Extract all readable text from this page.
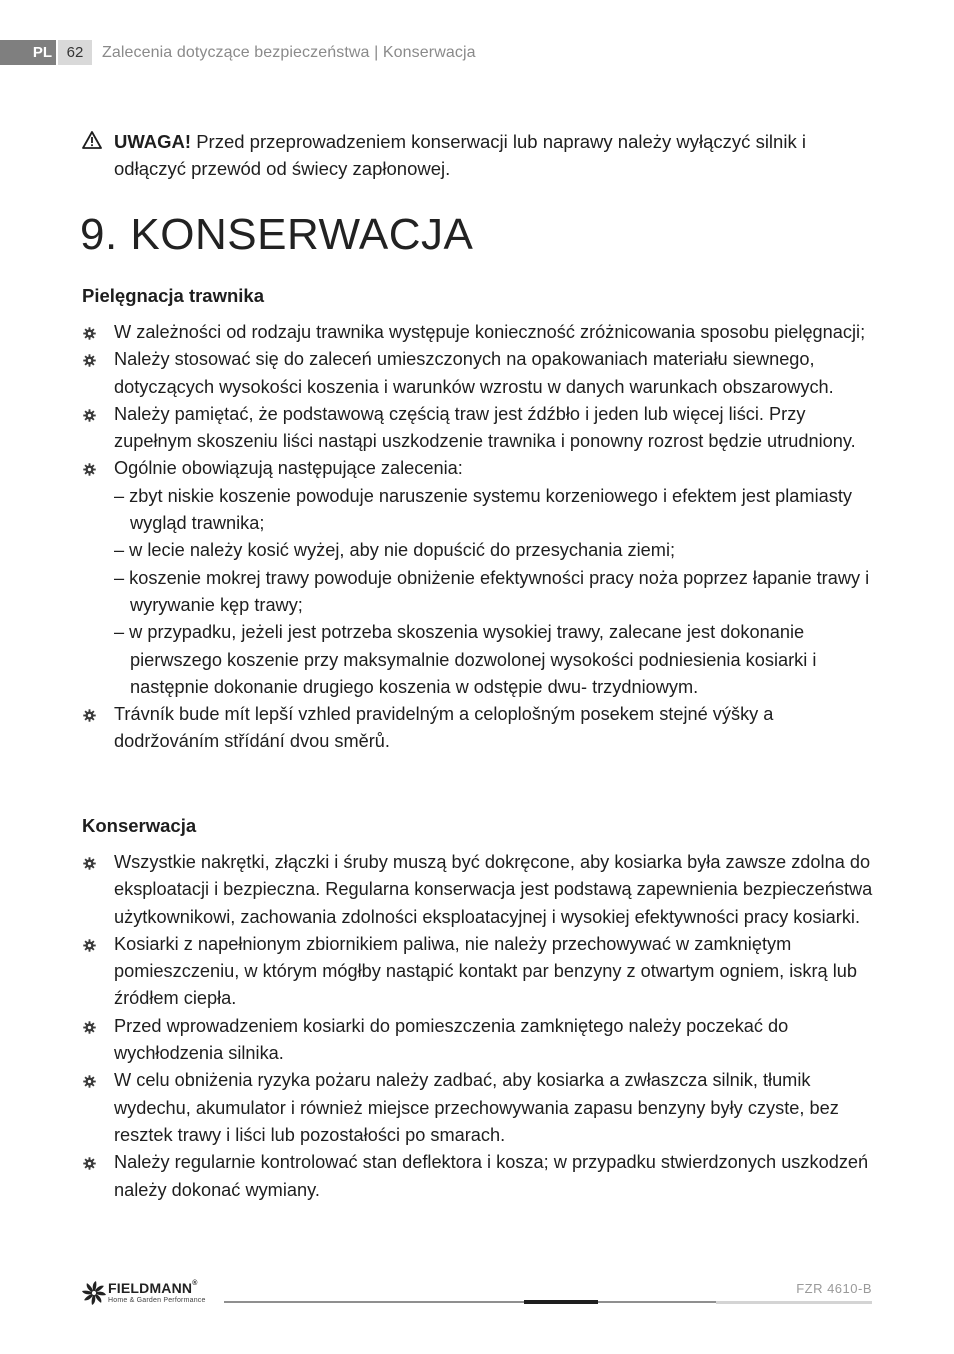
PL 62	Zalecenia dotyczące bezpieczeństwa | Konserwacja
UWAGA! Przed przeprowadzeniem konserwacji lub naprawy należy wyłączyć silnik i odłączyć przewód od świecy zapłonowej.
9. KONSERWACJA
Pielęgnacja trawnika
W zależności od rodzaju trawnika występuje konieczność zróżnicowania sposobu pielęgnacji;
Należy stosować się do zaleceń umieszczonych na opakowaniach materiału siewnego, dotyczących wysokości koszenia i warunków wzrostu w danych warunkach obszarowych.
Należy pamiętać, że podstawową częścią traw jest źdźbło i jeden lub więcej liści. Przy zupełnym skoszeniu liści nastąpi uszkodzenie trawnika i ponowny rozrost będzie utrudniony.
Ogólnie obowiązują następujące zalecenia:
– zbyt niskie koszenie powoduje naruszenie systemu korzeniowego i efektem jest plamiasty wygląd trawnika;
– w lecie należy kosić wyżej, aby nie dopuścić do przesychania ziemi;
– koszenie mokrej trawy powoduje obniżenie efektywności pracy noża poprzez łapanie trawy i wyrywanie kęp trawy;
– w przypadku, jeżeli jest potrzeba skoszenia wysokiej trawy, zalecane jest dokonanie pierwszego koszenie przy maksymalnie dozwolonej wysokości podniesienia kosiarki i następnie dokonanie drugiego koszenia w odstępie dwu- trzydniowym.
Trávník bude mít lepší vzhled pravidelným a celoplošným posekem stejné výšky a dodržováním střídání dvou směrů.
Konserwacja
Wszystkie nakrętki, złączki i śruby muszą być dokręcone, aby kosiarka była zawsze zdolna do eksploatacji i bezpieczna. Regularna konserwacja jest podstawą zapewnienia bezpieczeństwa użytkownikowi, zachowania zdolności eksploatacyjnej i wysokiej efektywności pracy kosiarki.
Kosiarki z napełnionym zbiornikiem paliwa, nie należy przechowywać w zamkniętym pomieszczeniu, w którym mógłby nastąpić kontakt par benzyny z otwartym ogniem, iskrą lub źródłem ciepła.
Przed wprowadzeniem kosiarki do pomieszczenia zamkniętego należy poczekać do wychłodzenia silnika.
W celu obniżenia ryzyka pożaru należy zadbać, aby kosiarka a zwłaszcza silnik, tłumik wydechu, akumulator i również miejsce przechowywania zapasu benzyny były czyste, bez resztek trawy i liści lub pozostałości po smarach.
Należy regularnie kontrolować stan deflektora i kosza; w przypadku stwierdzonych uszkodzeń należy dokonać wymiany.
FIELDMANN®
Home & Garden Performance
FZR 4610-B
